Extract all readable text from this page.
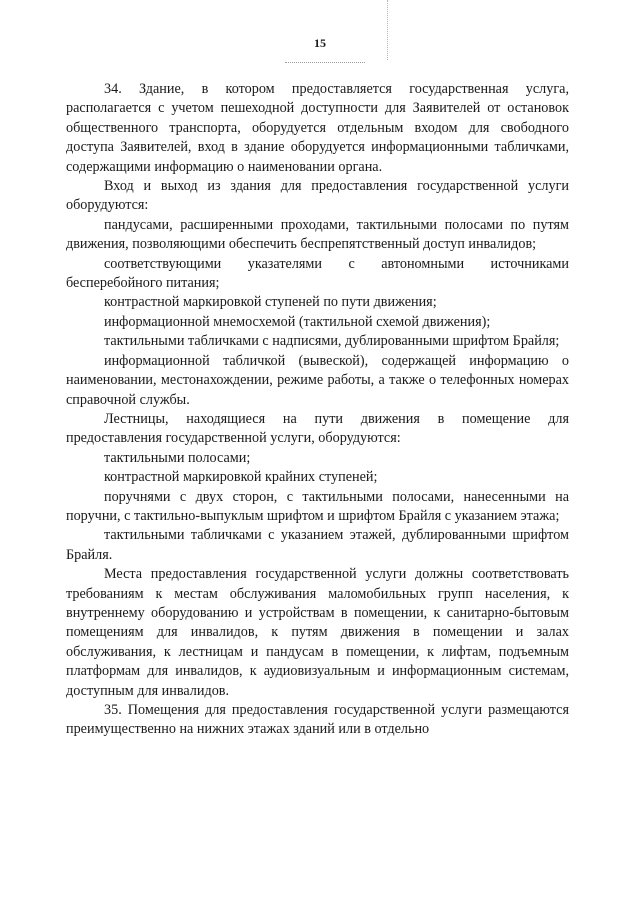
15

34. Здание, в котором предоставляется государственная услуга, располагается с учетом пешеходной доступности для Заявителей от остановок общественного транспорта, оборудуется отдельным входом для свободного доступа Заявителей, вход в здание оборудуется информационными табличками, содержащими информацию о наименовании органа.

Вход и выход из здания для предоставления государственной услуги оборудуются:

пандусами, расширенными проходами, тактильными полосами по путям движения, позволяющими обеспечить беспрепятственный доступ инвалидов;

соответствующими указателями с автономными источниками бесперебойного питания;

контрастной маркировкой ступеней по пути движения;

информационной мнемосхемой (тактильной схемой движения);

тактильными табличками с надписями, дублированными шрифтом Брайля;

информационной табличкой (вывеской), содержащей информацию о наименовании, местонахождении, режиме работы, а также о телефонных номерах справочной службы.

Лестницы, находящиеся на пути движения в помещение для предоставления государственной услуги, оборудуются:

тактильными полосами;

контрастной маркировкой крайних ступеней;

поручнями с двух сторон, с тактильными полосами, нанесенными на поручни, с тактильно-выпуклым шрифтом и шрифтом Брайля с указанием этажа;

тактильными табличками с указанием этажей, дублированными шрифтом Брайля.

Места предоставления государственной услуги должны соответствовать требованиям к местам обслуживания маломобильных групп населения, к внутреннему оборудованию и устройствам в помещении, к санитарно-бытовым помещениям для инвалидов, к путям движения в помещении и залах обслуживания, к лестницам и пандусам в помещении, к лифтам, подъемным платформам для инвалидов, к аудиовизуальным и информационным системам, доступным для инвалидов.

35. Помещения для предоставления государственной услуги размещаются преимущественно на нижних этажах зданий или в отдельно
